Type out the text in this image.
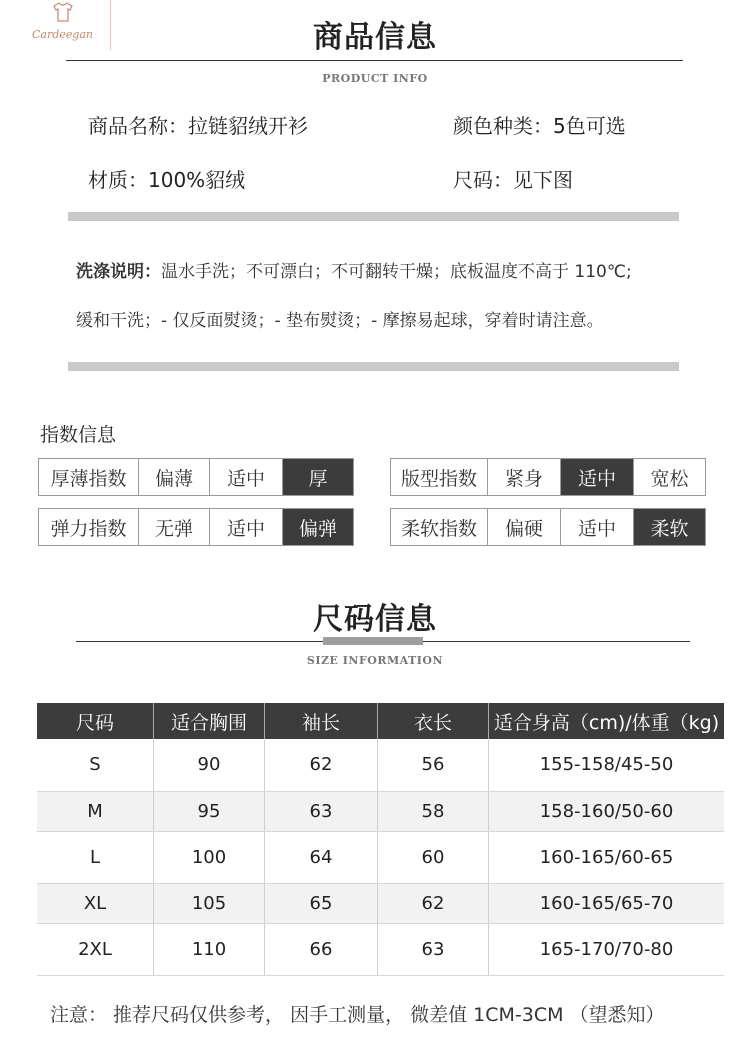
Cardeegan	商品信息
PRODUCT INFO
商品名称：拉链貂绒开衫	颜色种类：5色可选
材质：100%貂绒	尺码：见下图
洗涤说明：温水手洗；不可漂白；不可翻转干燥；底板温度不高于 110℃;
缓和干洗；- 仅反面熨烫；- 垫布熨烫；- 摩擦易起球，穿着时请注意。
指数信息
厚薄指数	偏薄	适中	厚	版型指数	紧身	适中	宽松
弹力指数	无弹	适中	偏弹	柔软指数	偏硬	适中	柔软
尺码信息
SIZE INFORMATION
尺码	适合胸围	袖长	衣长	适合身高（cm)/体重（kg)
S	90	62	56	155-158/45-50
M	95	63	58	158-160/50-60
L	100	64	60	160-165/60-65
XL	105	65	62	160-165/65-70
2XL	110	66	63	165-170/70-80
注意： 推荐尺码仅供参考， 因手工测量， 微差值 1CM-3CM （望悉知）
